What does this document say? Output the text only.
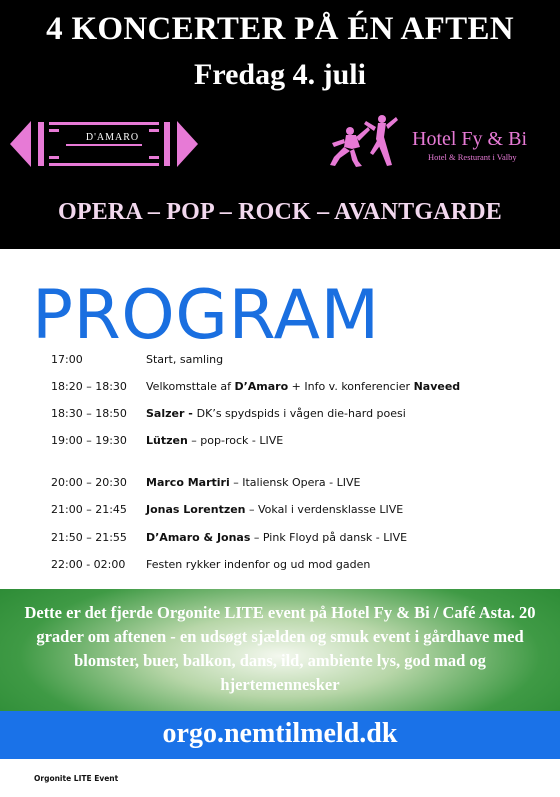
4 KONCERTER PÅ ÉN AFTEN
Fredag 4. juli
D'AMARO	Hotel Fy & Bi
Hotel & Resturant i Valby
OPERA – POP – ROCK – AVANTGARDE
PROGRAM
17:00	Start, samling
18:20 – 18:30	Velkomsttale af D’Amaro + Info v. konferencier Naveed
18:30 – 18:50	Salzer - DK’s spydspids i vågen die-hard poesi
19:00 – 19:30	Lützen – pop-rock - LIVE
20:00 – 20:30	Marco Martiri – Italiensk Opera - LIVE
21:00 – 21:45	Jonas Lorentzen – Vokal i verdensklasse LIVE
21:50 – 21:55	D’Amaro & Jonas – Pink Floyd på dansk - LIVE
22:00 - 02:00	Festen rykker indenfor og ud mod gaden
Dette er det fjerde Orgonite LITE event på Hotel Fy & Bi / Café Asta. 20 grader om aftenen - en udsøgt sjælden og smuk event i gårdhave med blomster, buer, balkon, dans, ild, ambiente lys, god mad og hjertemennesker
orgo.nemtilmeld.dk
Orgonite LITE Event
